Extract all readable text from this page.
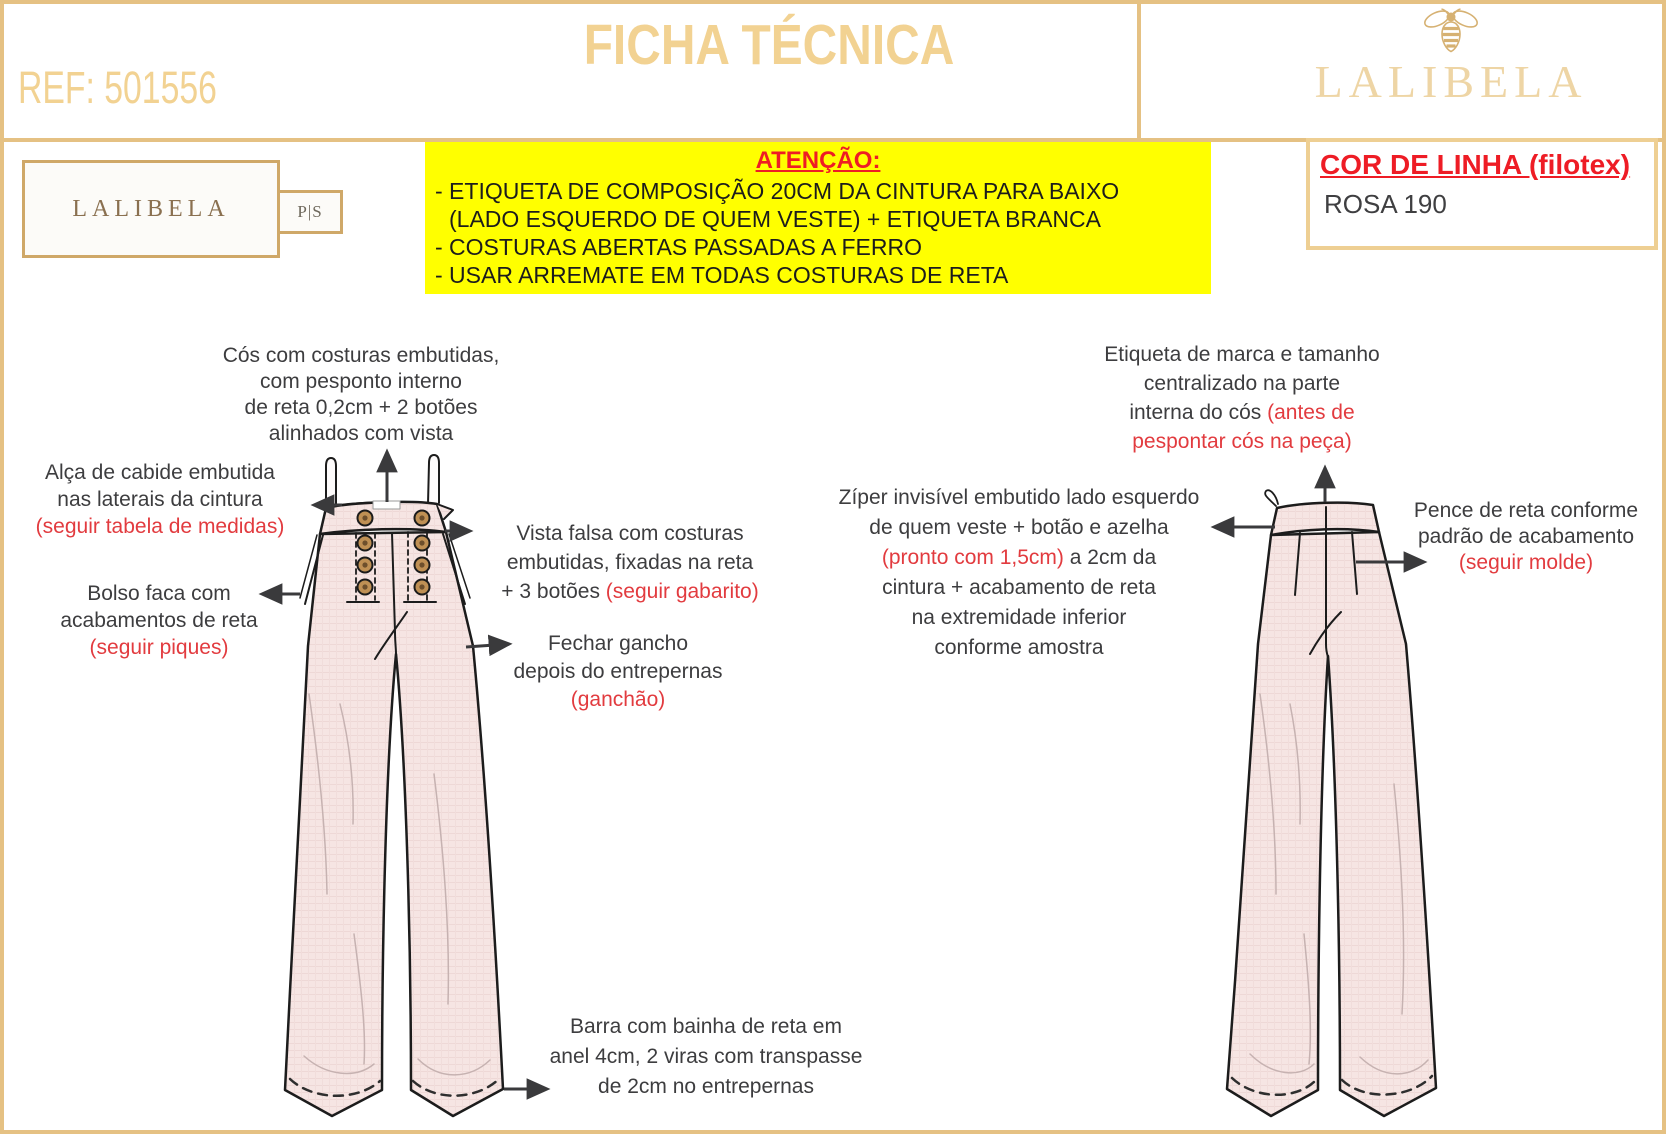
REF: 501556
FICHA TÉCNICA
LALIBELA
LALIBELA	P|S
ATENÇÃO:
- ETIQUETA DE COMPOSIÇÃO 20CM DA CINTURA PARA BAIXO
(LADO ESQUERDO DE QUEM VESTE) + ETIQUETA BRANCA
- COSTURAS ABERTAS PASSADAS A FERRO
- USAR ARREMATE EM TODAS COSTURAS DE RETA
COR DE LINHA (filotex)
ROSA 190
Cós com costuras embutidas,
com pesponto interno
de reta 0,2cm + 2 botões
alinhados com vista
Alça de cabide embutida
nas laterais da cintura
(seguir tabela de medidas)
Bolso faca com
acabamentos de reta
(seguir piques)
Vista falsa com costuras
embutidas, fixadas na reta
+ 3 botões (seguir gabarito)
Fechar gancho
depois do entrepernas
(ganchão)
Barra com bainha de reta em
anel 4cm, 2 viras com transpasse
de 2cm no entrepernas
Etiqueta de marca e tamanho
centralizado na parte
interna do cós (antes de
pespontar cós na peça)
Zíper invisível embutido lado esquerdo
de quem veste + botão e azelha
(pronto com 1,5cm) a 2cm da
cintura + acabamento de reta
na extremidade inferior
conforme amostra
Pence de reta conforme
padrão de acabamento
(seguir molde)
